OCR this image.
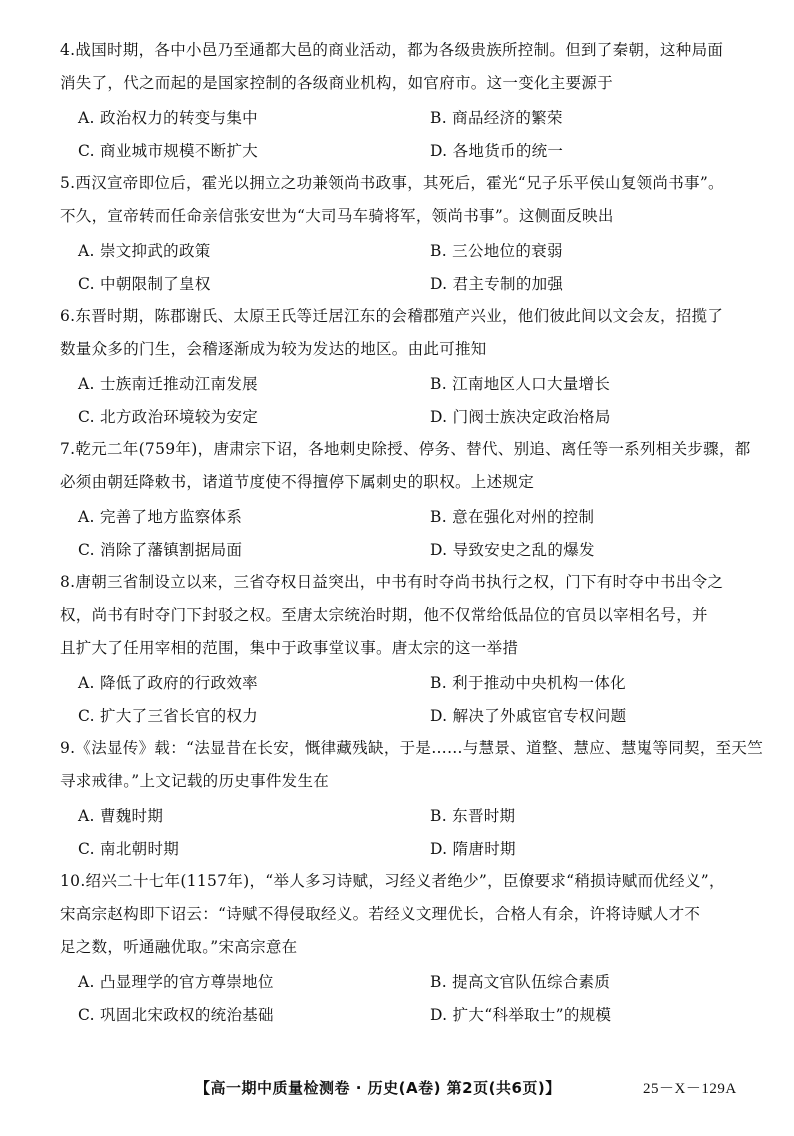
4.战国时期，各中小邑乃至通都大邑的商业活动，都为各级贵族所控制。但到了秦朝，这种局面
消失了，代之而起的是国家控制的各级商业机构，如官府市。这一变化主要源于

A. 政治权力的转变与集中	B. 商品经济的繁荣
C. 商业城市规模不断扩大	D. 各地货币的统一

5.西汉宣帝即位后，霍光以拥立之功兼领尚书政事，其死后，霍光“兄子乐平侯山复领尚书事”。
不久，宣帝转而任命亲信张安世为“大司马车骑将军，领尚书事”。这侧面反映出

A. 崇文抑武的政策	B. 三公地位的衰弱
C. 中朝限制了皇权	D. 君主专制的加强

6.东晋时期，陈郡谢氏、太原王氏等迁居江东的会稽郡殖产兴业，他们彼此间以文会友，招揽了
数量众多的门生，会稽逐渐成为较为发达的地区。由此可推知

A. 士族南迁推动江南发展	B. 江南地区人口大量增长
C. 北方政治环境较为安定	D. 门阀士族决定政治格局

7.乾元二年(759年)，唐肃宗下诏，各地刺史除授、停务、替代、别追、离任等一系列相关步骤，都
必须由朝廷降敕书，诸道节度使不得擅停下属刺史的职权。上述规定

A. 完善了地方监察体系	B. 意在强化对州的控制
C. 消除了藩镇割据局面	D. 导致安史之乱的爆发

8.唐朝三省制设立以来，三省夺权日益突出，中书有时夺尚书执行之权，门下有时夺中书出令之
权，尚书有时夺门下封驳之权。至唐太宗统治时期，他不仅常给低品位的官员以宰相名号，并
且扩大了任用宰相的范围，集中于政事堂议事。唐太宗的这一举措

A. 降低了政府的行政效率	B. 利于推动中央机构一体化
C. 扩大了三省长官的权力	D. 解决了外戚宦官专权问题

9.《法显传》载：“法显昔在长安，慨律藏残缺，于是……与慧景、道整、慧应、慧嵬等同契，至天竺
寻求戒律。”上文记载的历史事件发生在

A. 曹魏时期	B. 东晋时期
C. 南北朝时期	D. 隋唐时期

10.绍兴二十七年(1157年)，“举人多习诗赋，习经义者绝少”，臣僚要求“稍损诗赋而优经义”，
宋高宗赵构即下诏云：“诗赋不得侵取经义。若经义文理优长，合格人有余，许将诗赋人才不
足之数，听通融优取。”宋高宗意在

A. 凸显理学的官方尊崇地位	B. 提高文官队伍综合素质
C. 巩固北宋政权的统治基础	D. 扩大“科举取士”的规模
【高一期中质量检测卷 · 历史(A卷) 第2页(共6页)】	25－X－129A
